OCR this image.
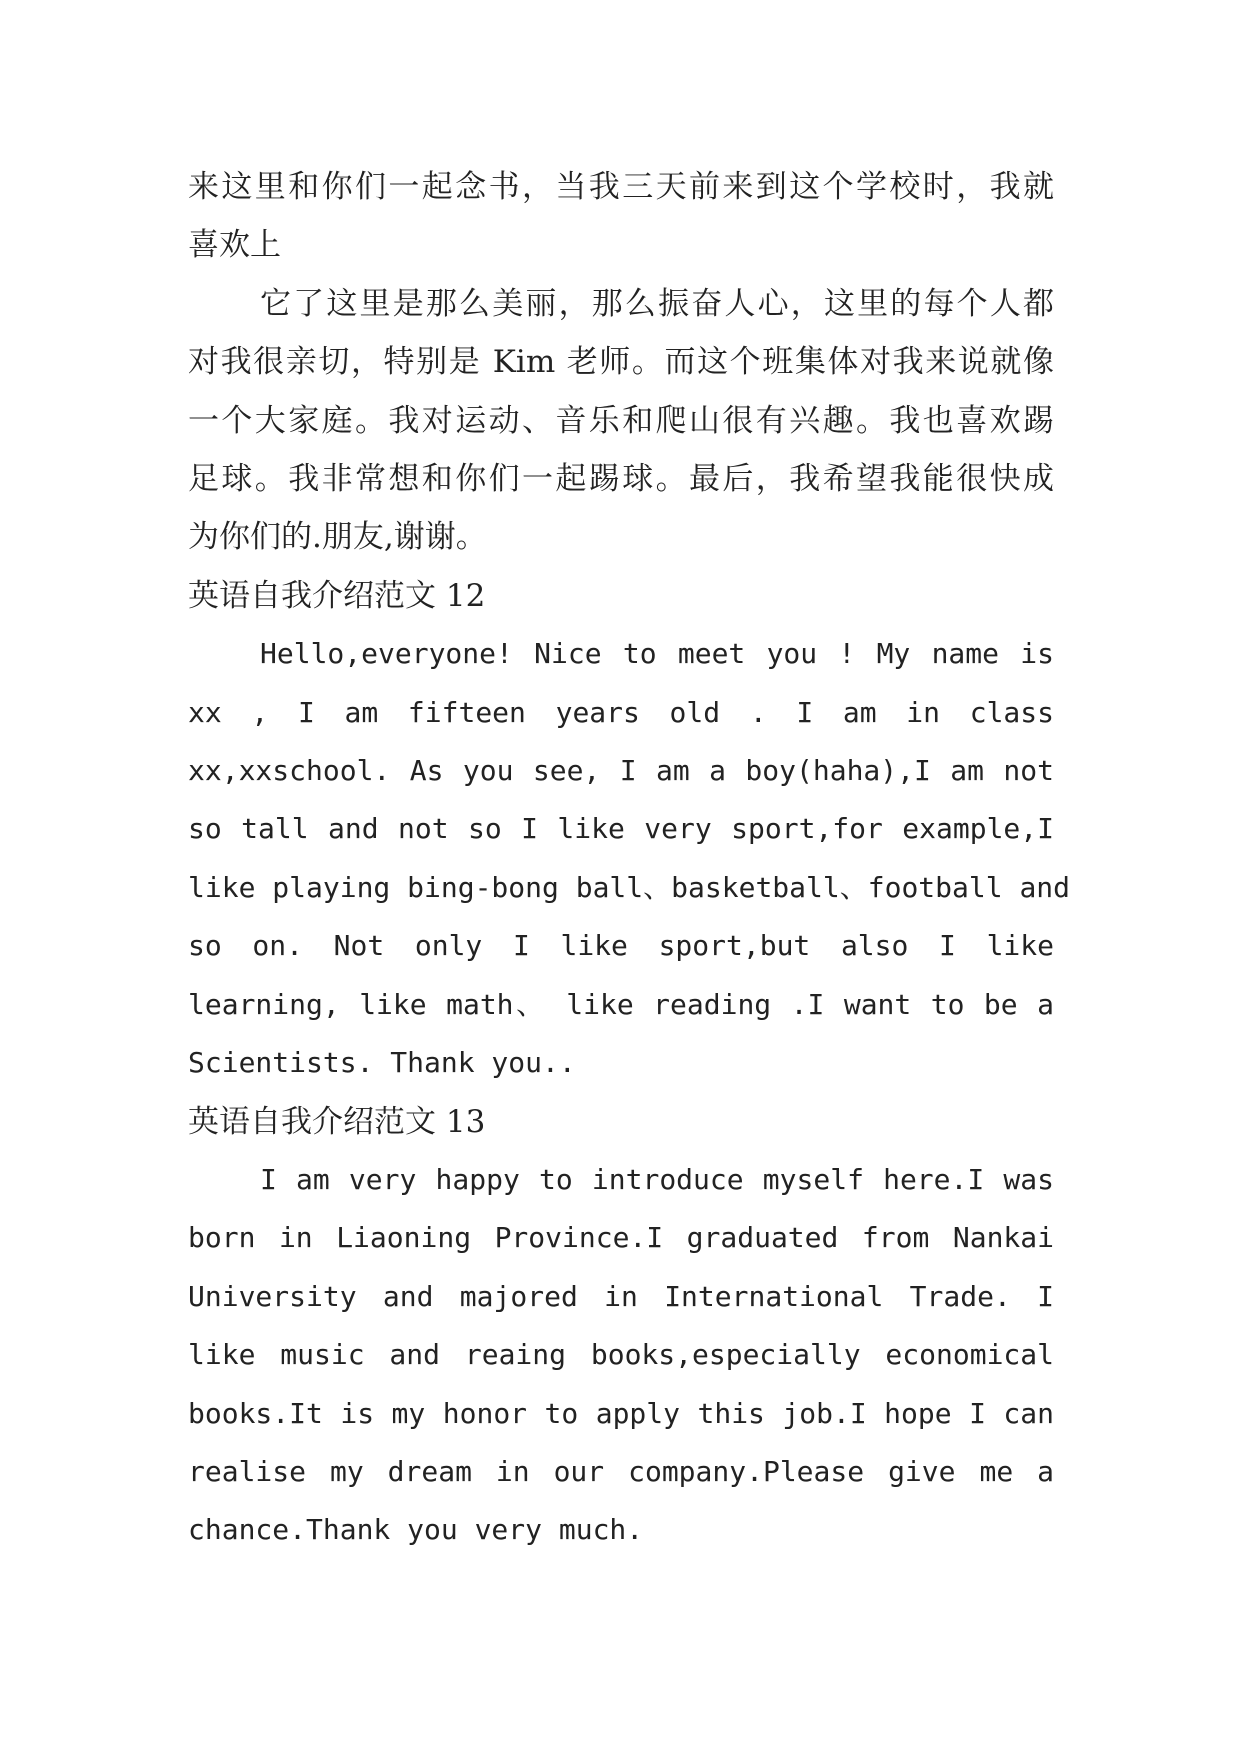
来这里和你们一起念书，当我三天前来到这个学校时，我就
喜欢上
它了这里是那么美丽，那么振奋人心，这里的每个人都
对我很亲切，特别是 Kim 老师。而这个班集体对我来说就像
一个大家庭。我对运动、音乐和爬山很有兴趣。我也喜欢踢
足球。我非常想和你们一起踢球。最后，我希望我能很快成
为你们的.朋友,谢谢。
英语自我介绍范文 12
Hello,everyone! Nice to meet you ! My name is
xx , I am fifteen years old . I am in class
xx,xxschool. As you see, I am a boy(haha),I am not
so tall and not so I like very sport,for example,I
like playing bing-bong ball、basketball、football and
so on. Not only I like sport,but also I like
learning, like math、 like reading .I want to be a
Scientists. Thank you..
英语自我介绍范文 13
I am very happy to introduce myself here.I was
born in Liaoning Province.I graduated from Nankai
University and majored in International Trade. I
like music and reaing books,especially economical
books.It is my honor to apply this job.I hope I can
realise my dream in our company.Please give me a
chance.Thank you very much.
